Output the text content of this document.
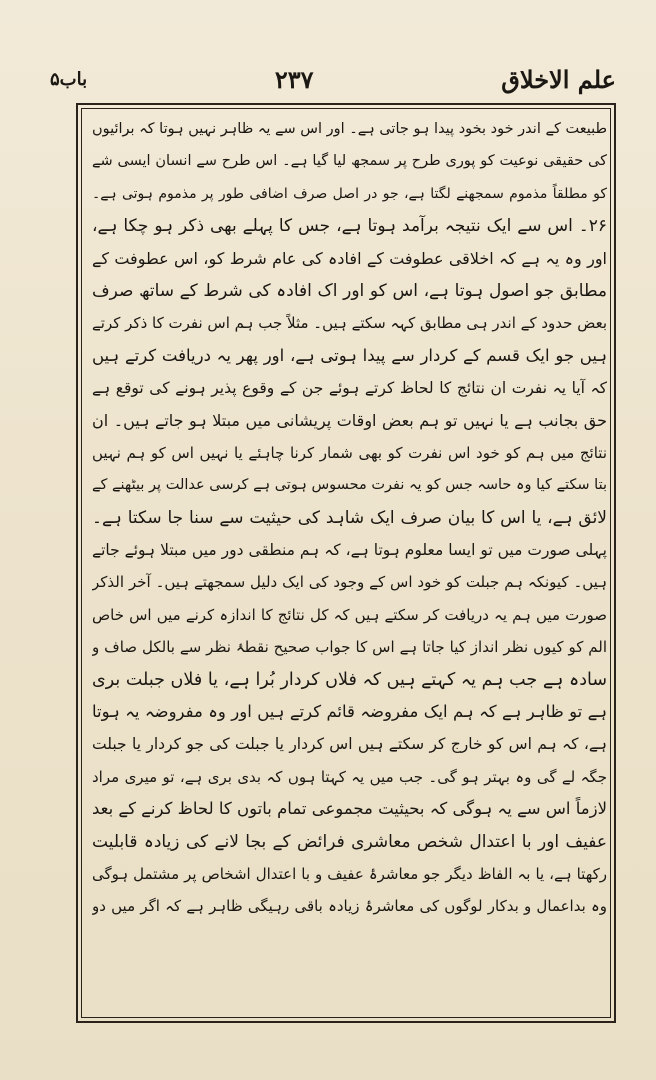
علم الاخلاق
۲۳۷
باب۵
طبیعت کے اندر خود بخود پیدا ہو جاتی ہے۔ اور اس سے یہ ظاہر نہیں ہوتا کہ برائیوں
کی حقیقی نوعیت کو پوری طرح پر سمجھ لیا گیا ہے۔ اس طرح سے انسان ایسی شے
کو مطلقاً مذموم سمجھنے لگتا ہے، جو در اصل صرف اضافی طور پر مذموم ہوتی ہے۔
۲۶۔ اس سے ایک نتیجہ برآمد ہوتا ہے، جس کا پہلے بھی ذکر ہو چکا ہے،
اور وہ یہ ہے کہ اخلاقی عطوفت کے افادہ کی عام شرط کو، اس عطوفت کے
مطابق جو اصول ہوتا ہے، اس کو اور اک افادہ کی شرط کے ساتھ صرف
بعض حدود کے اندر ہی مطابق کہہ سکتے ہیں۔ مثلاً جب ہم اس نفرت کا ذکر کرتے
ہیں جو ایک قسم کے کردار سے پیدا ہوتی ہے، اور پھر یہ دریافت کرتے ہیں
کہ آیا یہ نفرت ان نتائج کا لحاظ کرتے ہوئے جن کے وقوع پذیر ہونے کی توقع ہے
حق بجانب ہے یا نہیں تو ہم بعض اوقات پریشانی میں مبتلا ہو جاتے ہیں۔ ان
نتائج میں ہم کو خود اس نفرت کو بھی شمار کرنا چاہئے یا نہیں اس کو ہم نہیں
بتا سکتے کیا وہ حاسہ جس کو یہ نفرت محسوس ہوتی ہے کرسی عدالت پر بیٹھنے کے
لائق ہے، یا اس کا بیان صرف ایک شاہد کی حیثیت سے سنا جا سکتا ہے۔
پہلی صورت میں تو ایسا معلوم ہوتا ہے، کہ ہم منطقی دور میں مبتلا ہوئے جاتے
ہیں۔ کیونکہ ہم جبلت کو خود اس کے وجود کی ایک دلیل سمجھتے ہیں۔ آخر الذکر
صورت میں ہم یہ دریافت کر سکتے ہیں کہ کل نتائج کا اندازہ کرنے میں اس خاص
الم کو کیوں نظر انداز کیا جاتا ہے اس کا جواب صحیح نقطۂ نظر سے بالکل صاف و
سادہ ہے جب ہم یہ کہتے ہیں کہ فلاں کردار بُرا ہے، یا فلاں جبلت بری
ہے تو ظاہر ہے کہ ہم ایک مفروضہ قائم کرتے ہیں اور وہ مفروضہ یہ ہوتا
ہے، کہ ہم اس کو خارج کر سکتے ہیں اس کردار یا جبلت کی جو کردار یا جبلت
جگہ لے گی وہ بہتر ہو گی۔ جب میں یہ کہتا ہوں کہ بدی بری ہے، تو میری مراد
لازماً اس سے یہ ہوگی کہ بحیثیت مجموعی تمام باتوں کا لحاظ کرنے کے بعد
عفیف اور با اعتدال شخص معاشری فرائض کے بجا لانے کی زیادہ قابلیت
رکھتا ہے، یا بہ الفاظ دیگر جو معاشرۂ عفیف و با اعتدال اشخاص پر مشتمل ہوگی
وہ بداعمال و بدکار لوگوں کی معاشرۂ زیادہ باقی رہیگی ظاہر ہے کہ اگر میں دو
